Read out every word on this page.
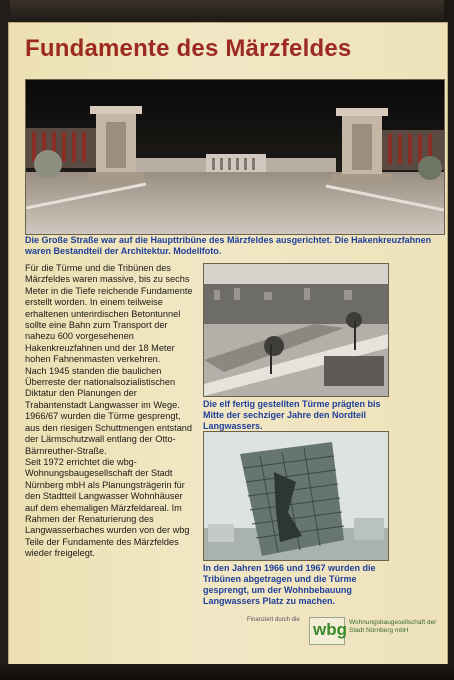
Fundamente des Märzfeldes
Die Große Straße war auf die Haupttribüne des Märzfeldes ausgerichtet. Die Hakenkreuzfahnen waren Bestandteil der Architektur. Modellfoto.

Für die Türme und die Tribünen des Märzfeldes waren massive, bis zu sechs Meter in die Tiefe reichende Fundamente erstellt worden. In einem teilweise erhaltenen unterirdischen Betontunnel sollte eine Bahn zum Transport der nahezu 600 vorgesehenen Hakenkreuzfahnen und der 18 Meter hohen Fahnenmasten verkehren.

Nach 1945 standen die baulichen Überreste der nationalsozialistischen Diktatur den Planungen der Trabantenstadt Langwasser im Wege. 1966/67 wurden die Türme gesprengt, aus den riesigen Schuttmengen entstand der Lärmschutzwall entlang der Otto-Bärnreuther-Straße.

Seit 1972 errichtet die wbg-Wohnungsbaugesellschaft der Stadt Nürnberg mbH als Planungsträgerin für den Stadtteil Langwasser Wohnhäuser auf dem ehemaligen Märzfeldareal. Im Rahmen der Renaturierung des Langwasserbaches wurden von der wbg Teile der Fundamente des Märzfeldes wieder freigelegt.

Die elf fertig gestellten Türme prägten bis Mitte der sechziger Jahre den Nordteil Langwassers.
In den Jahren 1966 und 1967 wurden die Tribünen abgetragen und die Türme gesprengt, um der Wohnbebauung Langwassers Platz zu machen.
Finanziert durch die wbg Wohnungsbaugesellschaft der Stadt Nürnberg mbH
